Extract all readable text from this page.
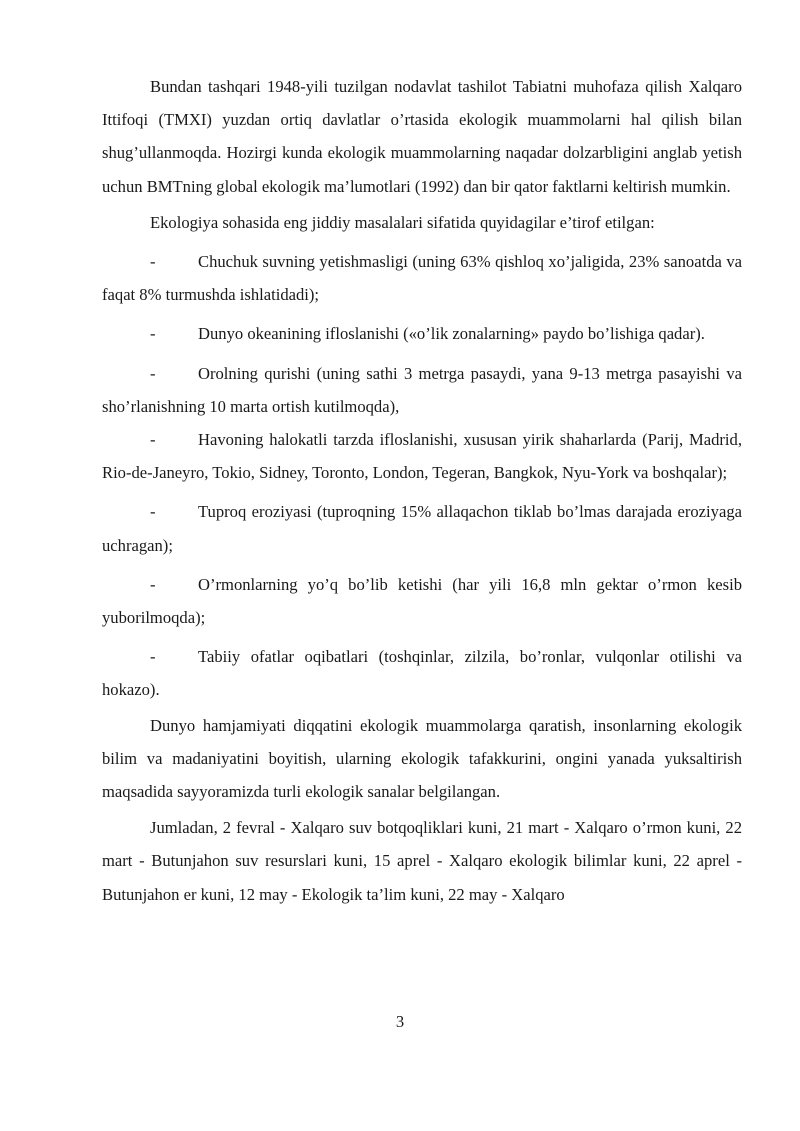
Bundan tashqari 1948-yili tuzilgan nodavlat tashilot Tabiatni muhofaza qilish Xalqaro Ittifoqi (TMXI) yuzdan ortiq davlatlar o’rtasida ekologik muammolarni hal qilish bilan shug’ullanmoqda. Hozirgi kunda ekologik muammolarning naqadar dolzarbligini anglab yetish uchun BMTning global ekologik ma’lumotlari (1992) dan bir qator faktlarni keltirish mumkin.

Ekologiya sohasida eng jiddiy masalalari sifatida quyidagilar e’tirof etilgan:

-	Chuchuk suvning yetishmasligi (uning 63% qishloq xo’jaligida, 23% sanoatda va faqat 8% turmushda ishlatidadi);

-	Dunyo okeanining ifloslanishi («o’lik zonalarning» paydo bo’lishiga qadar).

-	Orolning qurishi (uning sathi 3 metrga pasaydi, yana 9-13 metrga pasayishi va sho’rlanishning 10 marta ortish kutilmoqda),

-	Havoning halokatli tarzda ifloslanishi, xususan yirik shaharlarda (Parij, Madrid, Rio-de-Janeyro, Tokio, Sidney, Toronto, London, Tegeran, Bangkok, Nyu-York va boshqalar);

-	Tuproq eroziyasi (tuproqning 15% allaqachon tiklab bo’lmas darajada eroziyaga uchragan);

-	O’rmonlarning yo’q bo’lib ketishi (har yili 16,8 mln gektar o’rmon kesib yuborilmoqda);

-	Tabiiy ofatlar oqibatlari (toshqinlar, zilzila, bo’ronlar, vulqonlar otilishi va hokazo).

Dunyo hamjamiyati diqqatini ekologik muammolarga qaratish, insonlarning ekologik bilim va madaniyatini boyitish, ularning ekologik tafakkurini, ongini yanada yuksaltirish maqsadida sayyoramizda turli ekologik sanalar belgilangan.

Jumladan, 2 fevral - Xalqaro suv botqoqliklari kuni, 21 mart - Xalqaro o’rmon kuni, 22 mart - Butunjahon suv resurslari kuni, 15 aprel - Xalqaro ekologik bilimlar kuni, 22 aprel - Butunjahon er kuni, 12 may - Ekologik ta’lim kuni, 22 may - Xalqaro

3
